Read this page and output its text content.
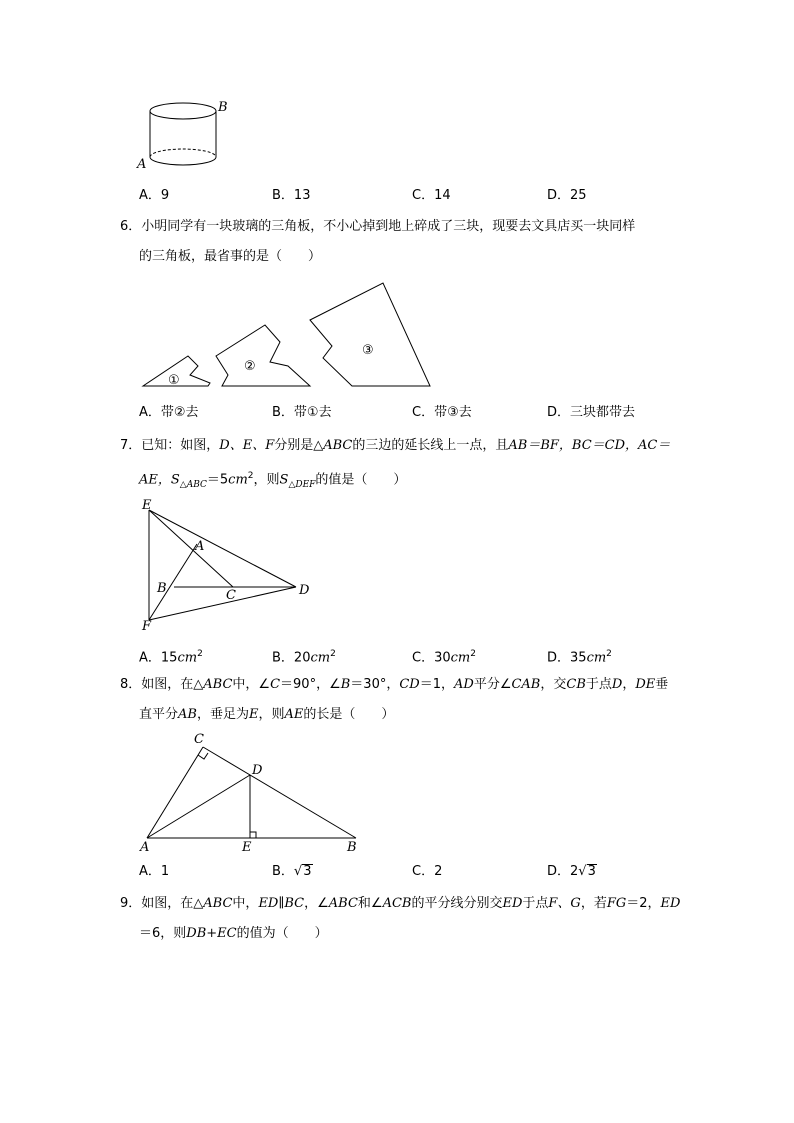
B
A
A．9	B．13	C．14	D．25
6．小明同学有一块玻璃的三角板，不小心掉到地上碎成了三块，现要去文具店买一块同样
的三角板，最省事的是（　　）
①
②
③
A．带②去	B．带①去	C．带③去	D．三块都带去
7．已知：如图，D、E、F分别是△ABC的三边的延长线上一点，且AB＝BF，BC＝CD，AC＝
AE，$S_{\triangle ABC}=5cm^2$，则$S_{\triangle DEF}$的值是（　　）
E
A
B	C	D
F
A．$15cm^2$	B．$20cm^2$	C．$30cm^2$	D．$35cm^2$
8．如图，在△ABC中，∠C＝90°，∠B＝30°，CD＝1，AD平分∠CAB，交CB于点D，DE垂
直平分AB，垂足为E，则AE的长是（　　）
C
D
A	E	B
A．1	B．√3	C．2	D．2√3
9．如图，在△ABC中，ED∥BC，∠ABC和∠ACB的平分线分别交ED于点F、G，若FG＝2，ED
＝6，则DB+EC的值为（　　）
